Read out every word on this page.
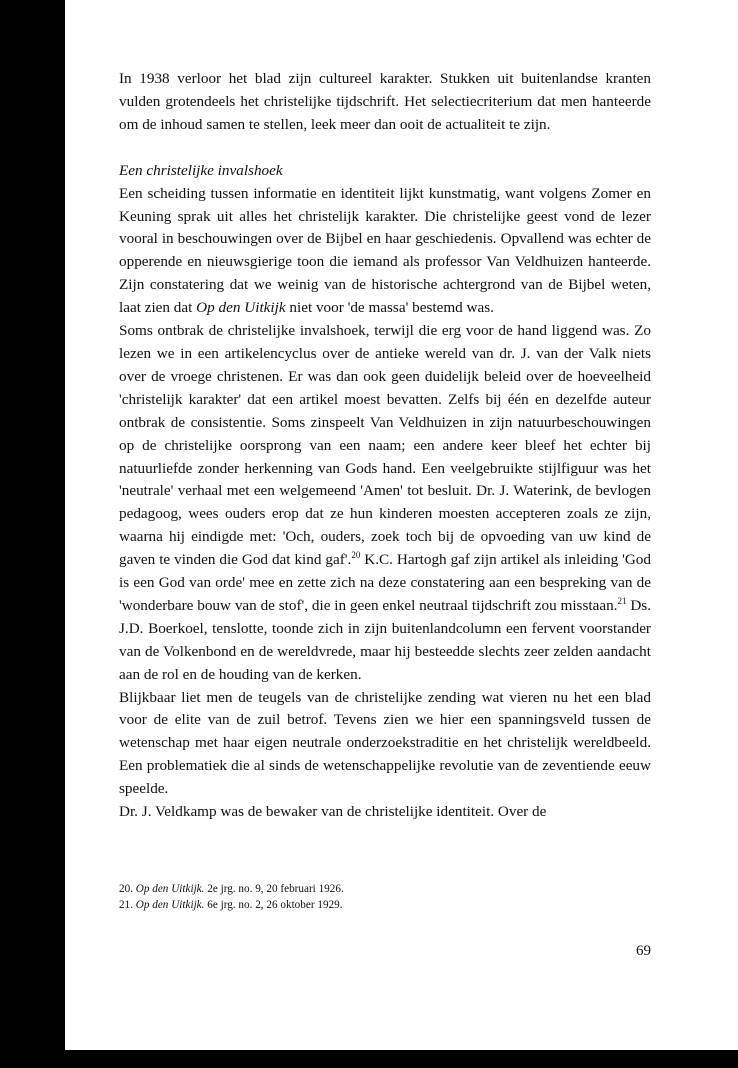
In 1938 verloor het blad zijn cultureel karakter. Stukken uit buitenlandse kranten vulden grotendeels het christelijke tijdschrift. Het selectiecriterium dat men hanteerde om de inhoud samen te stellen, leek meer dan ooit de actualiteit te zijn.

Een christelijke invalshoek

Een scheiding tussen informatie en identiteit lijkt kunstmatig, want volgens Zomer en Keuning sprak uit alles het christelijk karakter. Die christelijke geest vond de lezer vooral in beschouwingen over de Bijbel en haar geschiedenis. Opvallend was echter de opperende en nieuwsgierige toon die iemand als professor Van Veldhuizen hanteerde. Zijn constatering dat we weinig van de historische achtergrond van de Bijbel weten, laat zien dat Op den Uitkijk niet voor 'de massa' bestemd was.

Soms ontbrak de christelijke invalshoek, terwijl die erg voor de hand liggend was. Zo lezen we in een artikelencyclus over de antieke wereld van dr. J. van der Valk niets over de vroege christenen. Er was dan ook geen duidelijk beleid over de hoeveelheid 'christelijk karakter' dat een artikel moest bevatten. Zelfs bij één en dezelfde auteur ontbrak de consistentie. Soms zinspeelt Van Veldhuizen in zijn natuurbeschouwingen op de christelijke oorsprong van een naam; een andere keer bleef het echter bij natuurliefde zonder herkenning van Gods hand. Een veelgebruikte stijlfiguur was het 'neutrale' verhaal met een welgemeend 'Amen' tot besluit. Dr. J. Waterink, de bevlogen pedagoog, wees ouders erop dat ze hun kinderen moesten accepteren zoals ze zijn, waarna hij eindigde met: 'Och, ouders, zoek toch bij de opvoeding van uw kind de gaven te vinden die God dat kind gaf'.$^{20}$ K.C. Hartogh gaf zijn artikel als inleiding 'God is een God van orde' mee en zette zich na deze constatering aan een bespreking van de 'wonderbare bouw van de stof', die in geen enkel neutraal tijdschrift zou misstaan.$^{21}$ Ds. J.D. Boerkoel, tenslotte, toonde zich in zijn buitenlandcolumn een fervent voorstander van de Volkenbond en de wereldvrede, maar hij besteedde slechts zeer zelden aandacht aan de rol en de houding van de kerken.

Blijkbaar liet men de teugels van de christelijke zending wat vieren nu het een blad voor de elite van de zuil betrof. Tevens zien we hier een spanningsveld tussen de wetenschap met haar eigen neutrale onderzoekstraditie en het christelijk wereldbeeld. Een problematiek die al sinds de wetenschappelijke revolutie van de zeventiende eeuw speelde.

Dr. J. Veldkamp was de bewaker van de christelijke identiteit. Over de

20. Op den Uitkijk. 2e jrg. no. 9, 20 februari 1926.
21. Op den Uitkijk. 6e jrg. no. 2, 26 oktober 1929.
69
